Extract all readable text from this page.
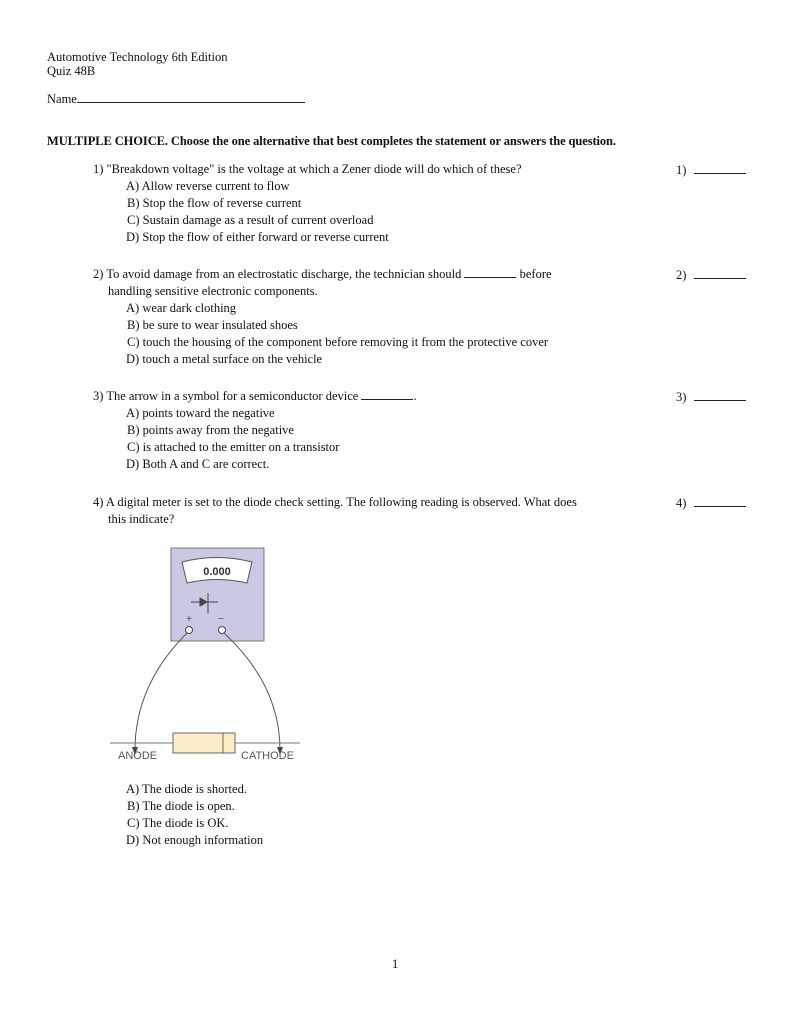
Automotive Technology 6th Edition
Quiz 48B
Name
MULTIPLE CHOICE. Choose the one alternative that best completes the statement or answers the question.
1) "Breakdown voltage" is the voltage at which a Zener diode will do which of these?
A) Allow reverse current to flow
B) Stop the flow of reverse current
C) Sustain damage as a result of current overload
D) Stop the flow of either forward or reverse current
1)
2) To avoid damage from an electrostatic discharge, the technician should	before
handling sensitive electronic components.
A) wear dark clothing
B) be sure to wear insulated shoes
C) touch the housing of the component before removing it from the protective cover
D) touch a metal surface on the vehicle
2)
3) The arrow in a symbol for a semiconductor device	.
A) points toward the negative
B) points away from the negative
C) is attached to the emitter on a transistor
D) Both A and C are correct.
3)
4) A digital meter is set to the diode check setting. The following reading is observed. What does
this indicate?
4)
0.000
+	−
ANODE	CATHODE
A) The diode is shorted.
B) The diode is open.
C) The diode is OK.
D) Not enough information
1
